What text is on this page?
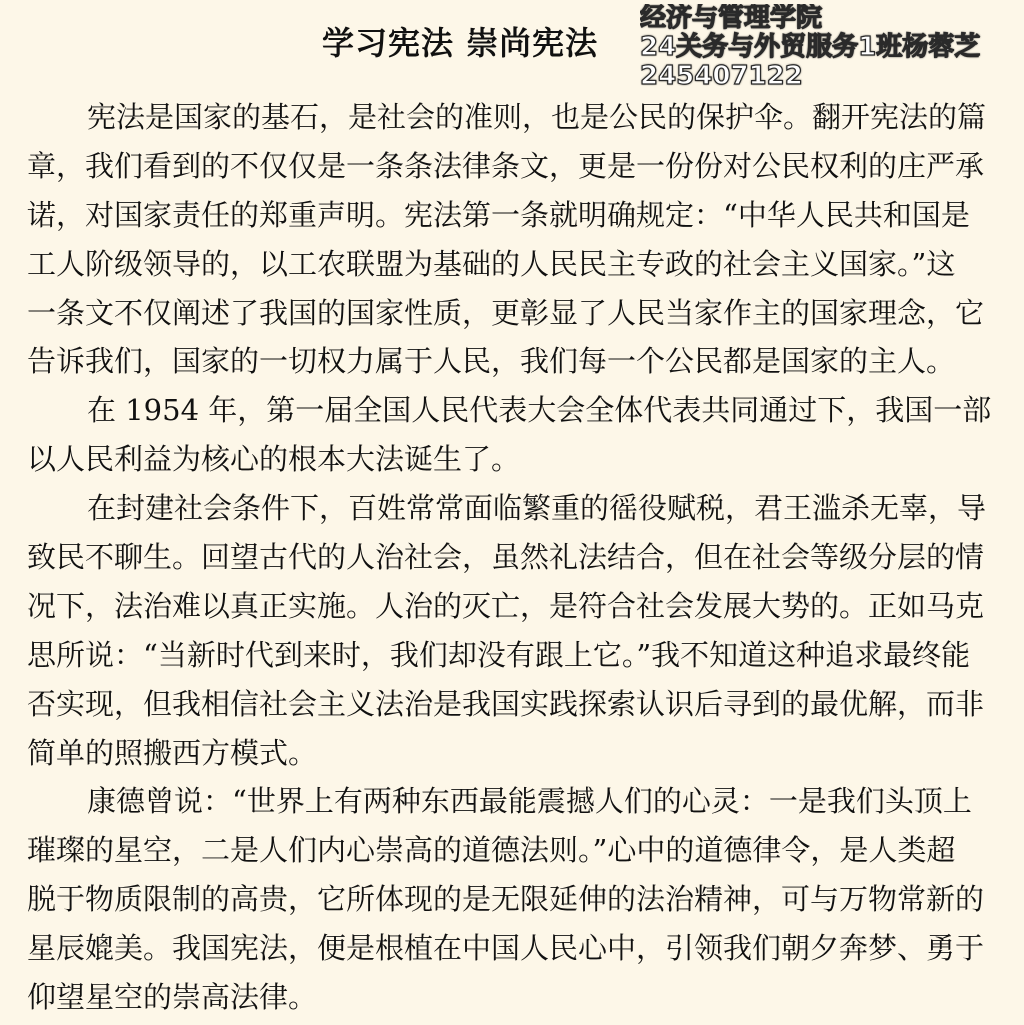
学习宪法 崇尚宪法
经济与管理学院
24关务与外贸服务1班杨蓉芝
245407122
宪法是国家的基石，是社会的准则，也是公民的保护伞。翻开宪法的篇
章，我们看到的不仅仅是一条条法律条文，更是一份份对公民权利的庄严承
诺，对国家责任的郑重声明。宪法第一条就明确规定：“中华人民共和国是
工人阶级领导的，以工农联盟为基础的人民民主专政的社会主义国家。”这
一条文不仅阐述了我国的国家性质，更彰显了人民当家作主的国家理念，它
告诉我们，国家的一切权力属于人民，我们每一个公民都是国家的主人。
在 1954 年，第一届全国人民代表大会全体代表共同通过下，我国一部
以人民利益为核心的根本大法诞生了。
在封建社会条件下，百姓常常面临繁重的徭役赋税，君王滥杀无辜，导
致民不聊生。回望古代的人治社会，虽然礼法结合，但在社会等级分层的情
况下，法治难以真正实施。人治的灭亡，是符合社会发展大势的。正如马克
思所说：“当新时代到来时，我们却没有跟上它。”我不知道这种追求最终能
否实现，但我相信社会主义法治是我国实践探索认识后寻到的最优解，而非
简单的照搬西方模式。
康德曾说：“世界上有两种东西最能震撼人们的心灵：一是我们头顶上
璀璨的星空，二是人们内心崇高的道德法则。”心中的道德律令，是人类超
脱于物质限制的高贵，它所体现的是无限延伸的法治精神，可与万物常新的
星辰媲美。我国宪法，便是根植在中国人民心中，引领我们朝夕奔梦、勇于
仰望星空的崇高法律。
